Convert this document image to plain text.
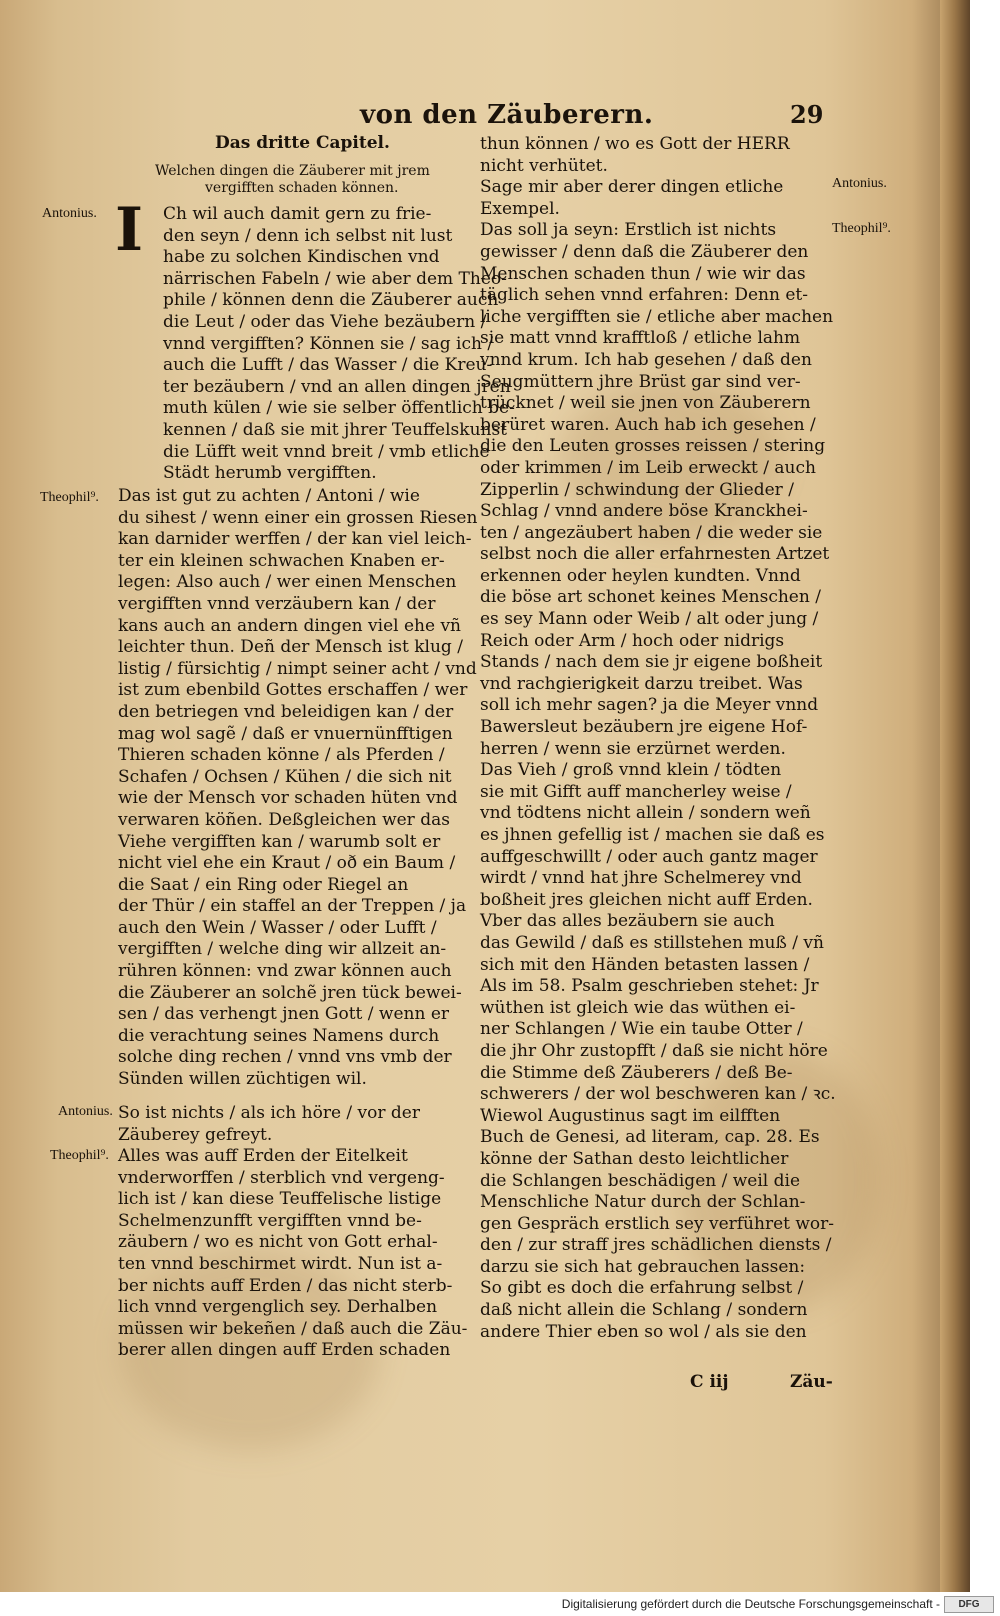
von den Zäuberern.	29
Das dritte Capitel.
Welchen dingen die Zäuberer mit jrem
vergifften schaden können.
Antonius.
Theophil⁹.
Antonius.
Theophil⁹.
I	Ch wil auch damit gern zu frie-
den seyn / denn ich selbst nit lust
habe zu solchen Kindischen vnd
närrischen Fabeln / wie aber dem Theo-
phile / können denn die Zäuberer auch
die Leut / oder das Viehe bezäubern /
vnnd vergifften? Können sie / sag ich /
auch die Lufft / das Wasser / die Kreu-
ter bezäubern / vnd an allen dingen jren
muth külen / wie sie selber öffentlich be-
kennen / daß sie mit jhrer Teuffelskunst
die Lüfft weit vnnd breit / vmb etliche
Städt herumb vergifften.
Das ist gut zu achten / Antoni / wie
du sihest / wenn einer ein grossen Riesen
kan darnider werffen / der kan viel leich-
ter ein kleinen schwachen Knaben er-
legen: Also auch / wer einen Menschen
vergifften vnnd verzäubern kan / der
kans auch an andern dingen viel ehe vñ
leichter thun. Deñ der Mensch ist klug /
listig / fürsichtig / nimpt seiner acht / vnd
ist zum ebenbild Gottes erschaffen / wer
den betriegen vnd beleidigen kan / der
mag wol sagẽ / daß er vnuernünfftigen
Thieren schaden könne / als Pferden /
Schafen / Ochsen / Kühen / die sich nit
wie der Mensch vor schaden hüten vnd
verwaren köñen. Deßgleichen wer das
Viehe vergifften kan / warumb solt er
nicht viel ehe ein Kraut / oð ein Baum /
die Saat / ein Ring oder Riegel an
der Thür / ein staffel an der Treppen / ja
auch den Wein / Wasser / oder Lufft /
vergifften / welche ding wir allzeit an-
rühren können: vnd zwar können auch
die Zäuberer an solchẽ jren tück bewei-
sen / das verhengt jnen Gott / wenn er
die verachtung seines Namens durch
solche ding rechen / vnnd vns vmb der
Sünden willen züchtigen wil.
So ist nichts / als ich höre / vor der
Zäuberey gefreyt.
Alles was auff Erden der Eitelkeit
vnderworffen / sterblich vnd vergeng-
lich ist / kan diese Teuffelische listige
Schelmenzunfft vergifften vnnd be-
zäubern / wo es nicht von Gott erhal-
ten vnnd beschirmet wirdt. Nun ist a-
ber nichts auff Erden / das nicht sterb-
lich vnnd vergenglich sey. Derhalben
müssen wir bekeñen / daß auch die Zäu-
berer allen dingen auff Erden schaden
Antonius.
Theophil⁹.
thun können / wo es Gott der HERR
nicht verhütet.
Sage mir aber derer dingen etliche
Exempel.
Das soll ja seyn: Erstlich ist nichts
gewisser / denn daß die Zäuberer den
Menschen schaden thun / wie wir das
täglich sehen vnnd erfahren: Denn et-
liche vergifften sie / etliche aber machen
sie matt vnnd krafftloß / etliche lahm
vnnd krum. Ich hab gesehen / daß den
Seugmüttern jhre Brüst gar sind ver-
trücknet / weil sie jnen von Zäuberern
berüret waren. Auch hab ich gesehen /
die den Leuten grosses reissen / stering
oder krimmen / im Leib erweckt / auch
Zipperlin / schwindung der Glieder /
Schlag / vnnd andere böse Kranckhei-
ten / angezäubert haben / die weder sie
selbst noch die aller erfahrnesten Artzet
erkennen oder heylen kundten. Vnnd
die böse art schonet keines Menschen /
es sey Mann oder Weib / alt oder jung /
Reich oder Arm / hoch oder nidrigs
Stands / nach dem sie jr eigene boßheit
vnd rachgierigkeit darzu treibet. Was
soll ich mehr sagen? ja die Meyer vnnd
Bawersleut bezäubern jre eigene Hof-
herren / wenn sie erzürnet werden.
Das Vieh / groß vnnd klein / tödten
sie mit Gifft auff mancherley weise /
vnd tödtens nicht allein / sondern weñ
es jhnen gefellig ist / machen sie daß es
auffgeschwillt / oder auch gantz mager
wirdt / vnnd hat jhre Schelmerey vnd
boßheit jres gleichen nicht auff Erden.
Vber das alles bezäubern sie auch
das Gewild / daß es stillstehen muß / vñ
sich mit den Händen betasten lassen /
Als im 58. Psalm geschrieben stehet: Jr
wüthen ist gleich wie das wüthen ei-
ner Schlangen / Wie ein taube Otter /
die jhr Ohr zustopfft / daß sie nicht höre
die Stimme deß Zäuberers / deß Be-
schwerers / der wol beschweren kan / ꝛc.
Wiewol Augustinus sagt im eilfften
Buch de Genesi, ad literam, cap. 28. Es
könne der Sathan desto leichtlicher
die Schlangen beschädigen / weil die
Menschliche Natur durch der Schlan-
gen Gespräch erstlich sey verführet wor-
den / zur straff jres schädlichen diensts /
darzu sie sich hat gebrauchen lassen:
So gibt es doch die erfahrung selbst /
daß nicht allein die Schlang / sondern
andere Thier eben so wol / als sie den
C iij	Zäu-
Digitalisierung gefördert durch die Deutsche Forschungsgemeinschaft -	DFG
